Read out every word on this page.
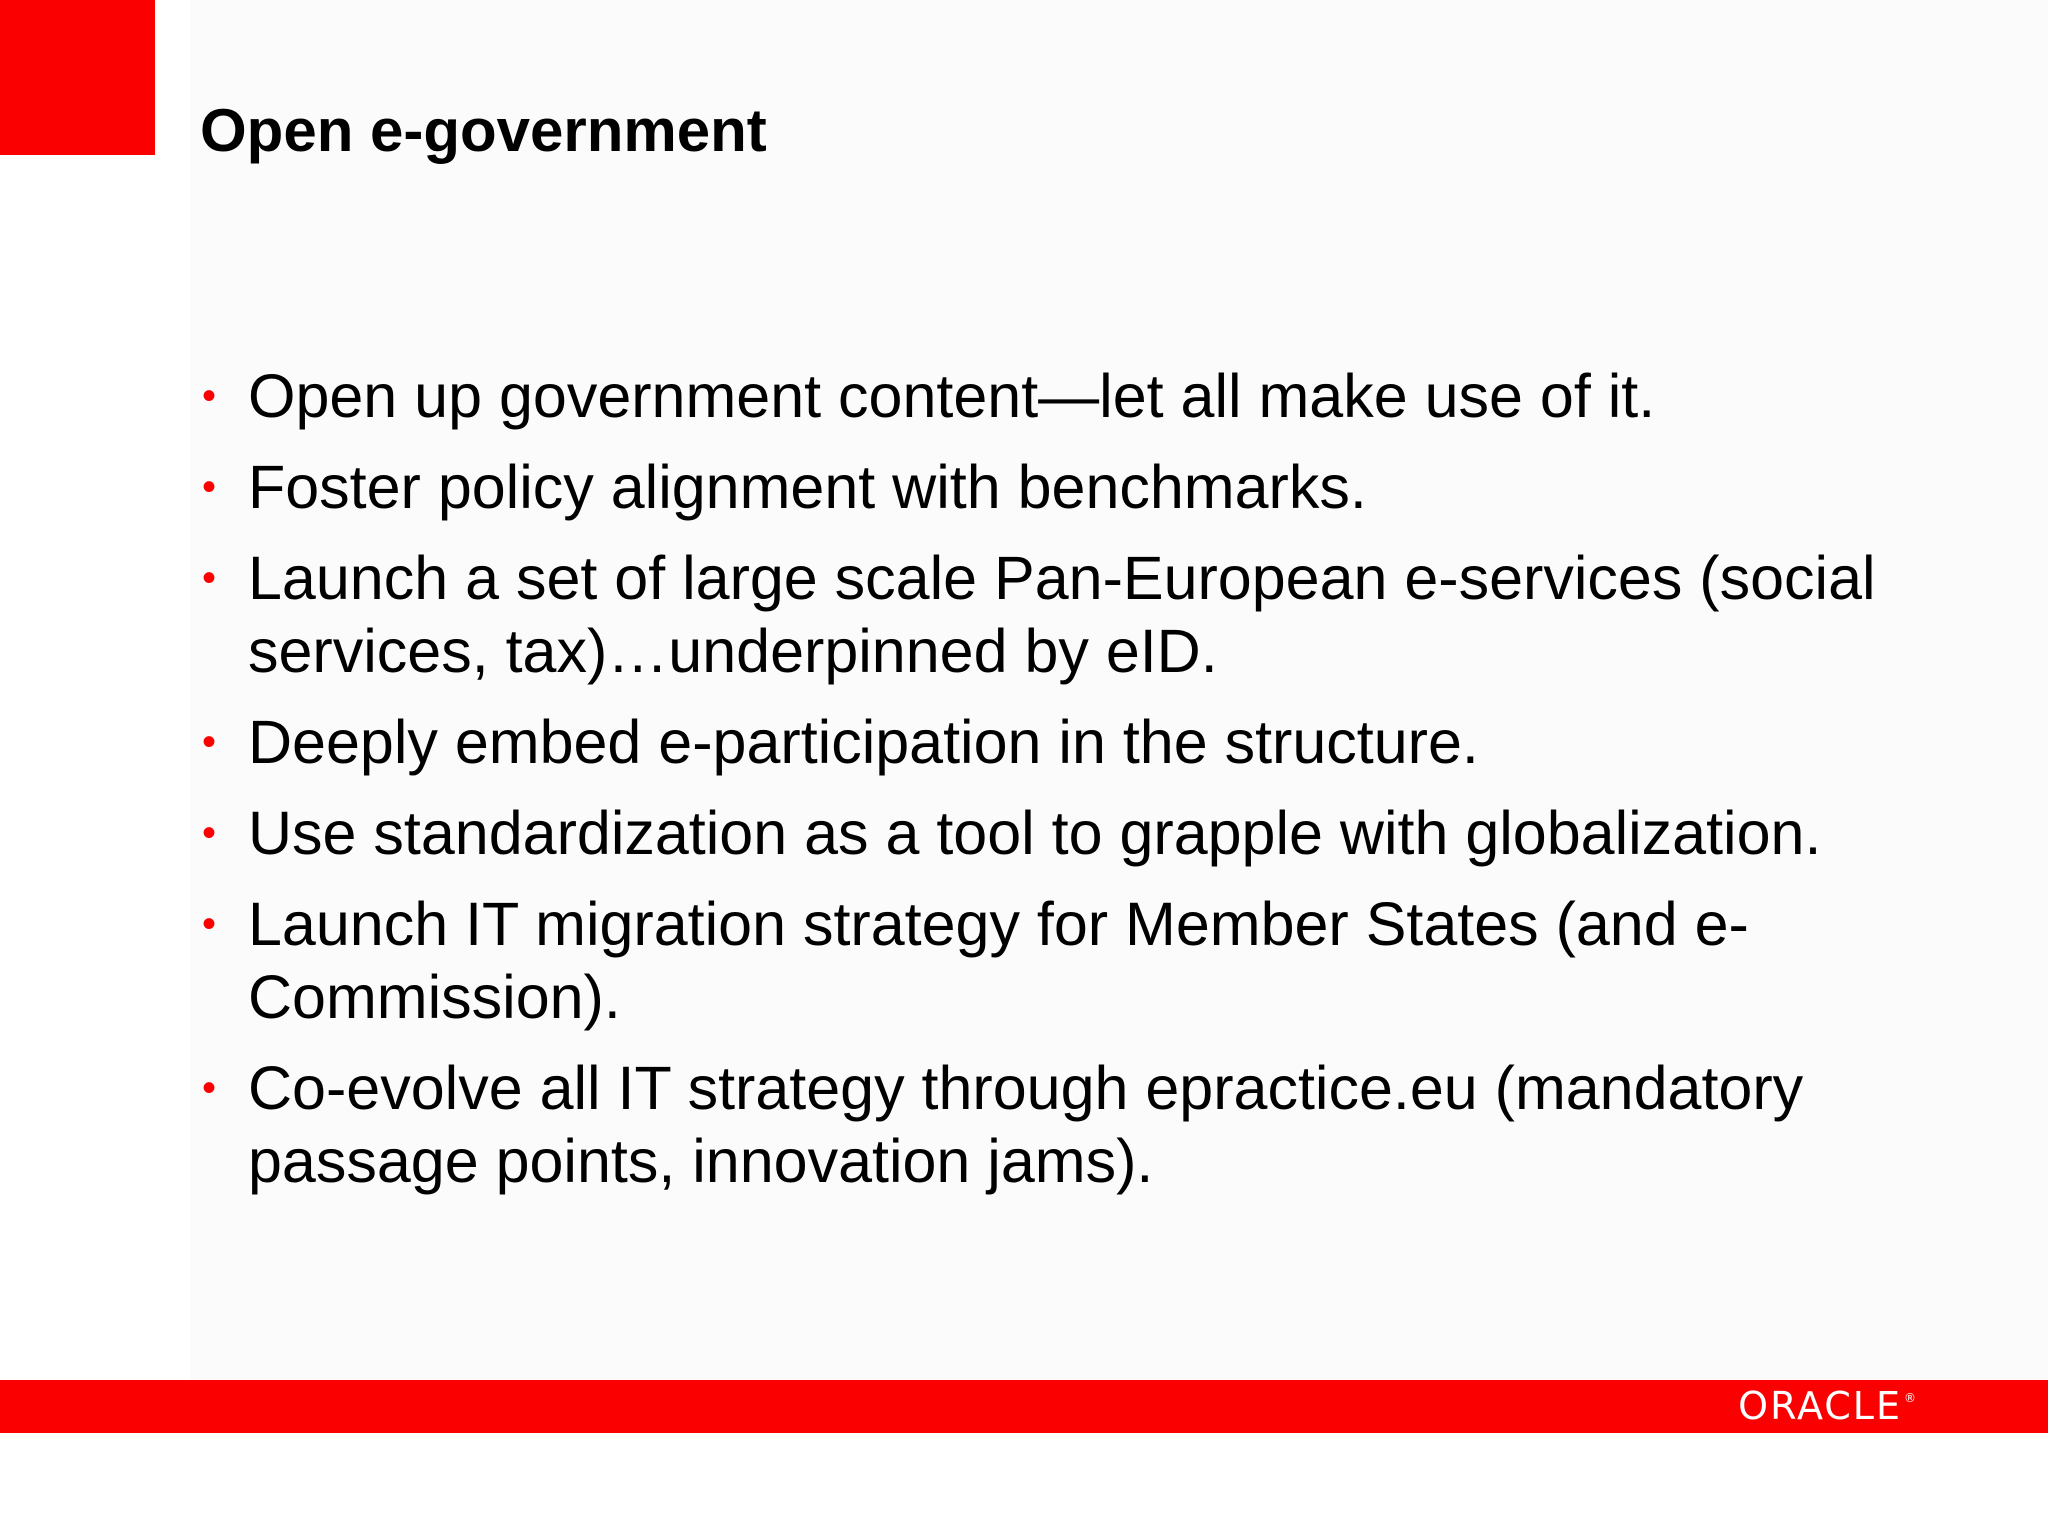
Open e-government
• Open up government content—let all make use of it.
• Foster policy alignment with benchmarks.
• Launch a set of large scale Pan-European e-services (social services, tax)…underpinned by eID.
• Deeply embed e-participation in the structure.
• Use standardization as a tool to grapple with globalization.
• Launch IT migration strategy for Member States (and e-Commission).
• Co-evolve all IT strategy through epractice.eu (mandatory passage points, innovation jams).
ORACLE ®
